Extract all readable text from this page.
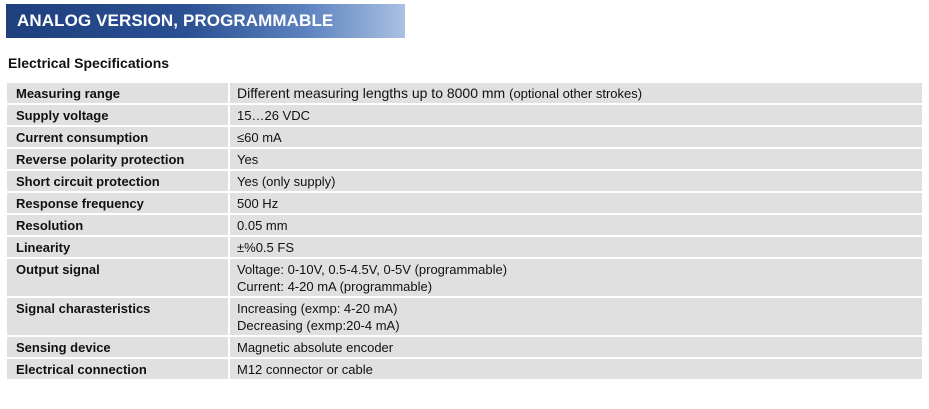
ANALOG VERSION, PROGRAMMABLE
Electrical Specifications
Measuring range	Different measuring lengths up to 8000 mm (optional other strokes)
Supply voltage	15…26 VDC
Current consumption	≤60 mA
Reverse polarity protection	Yes
Short circuit protection	Yes (only supply)
Response frequency	500 Hz
Resolution	0.05 mm
Linearity	±%0.5 FS
Output signal	Voltage: 0-10V, 0.5-4.5V, 0-5V (programmable)
Current: 4-20 mA (programmable)

Signal charasteristics	Increasing (exmp: 4-20 mA)
Decreasing (exmp:20-4 mA)

Sensing device	Magnetic absolute encoder
Electrical connection	M12 connector or cable
